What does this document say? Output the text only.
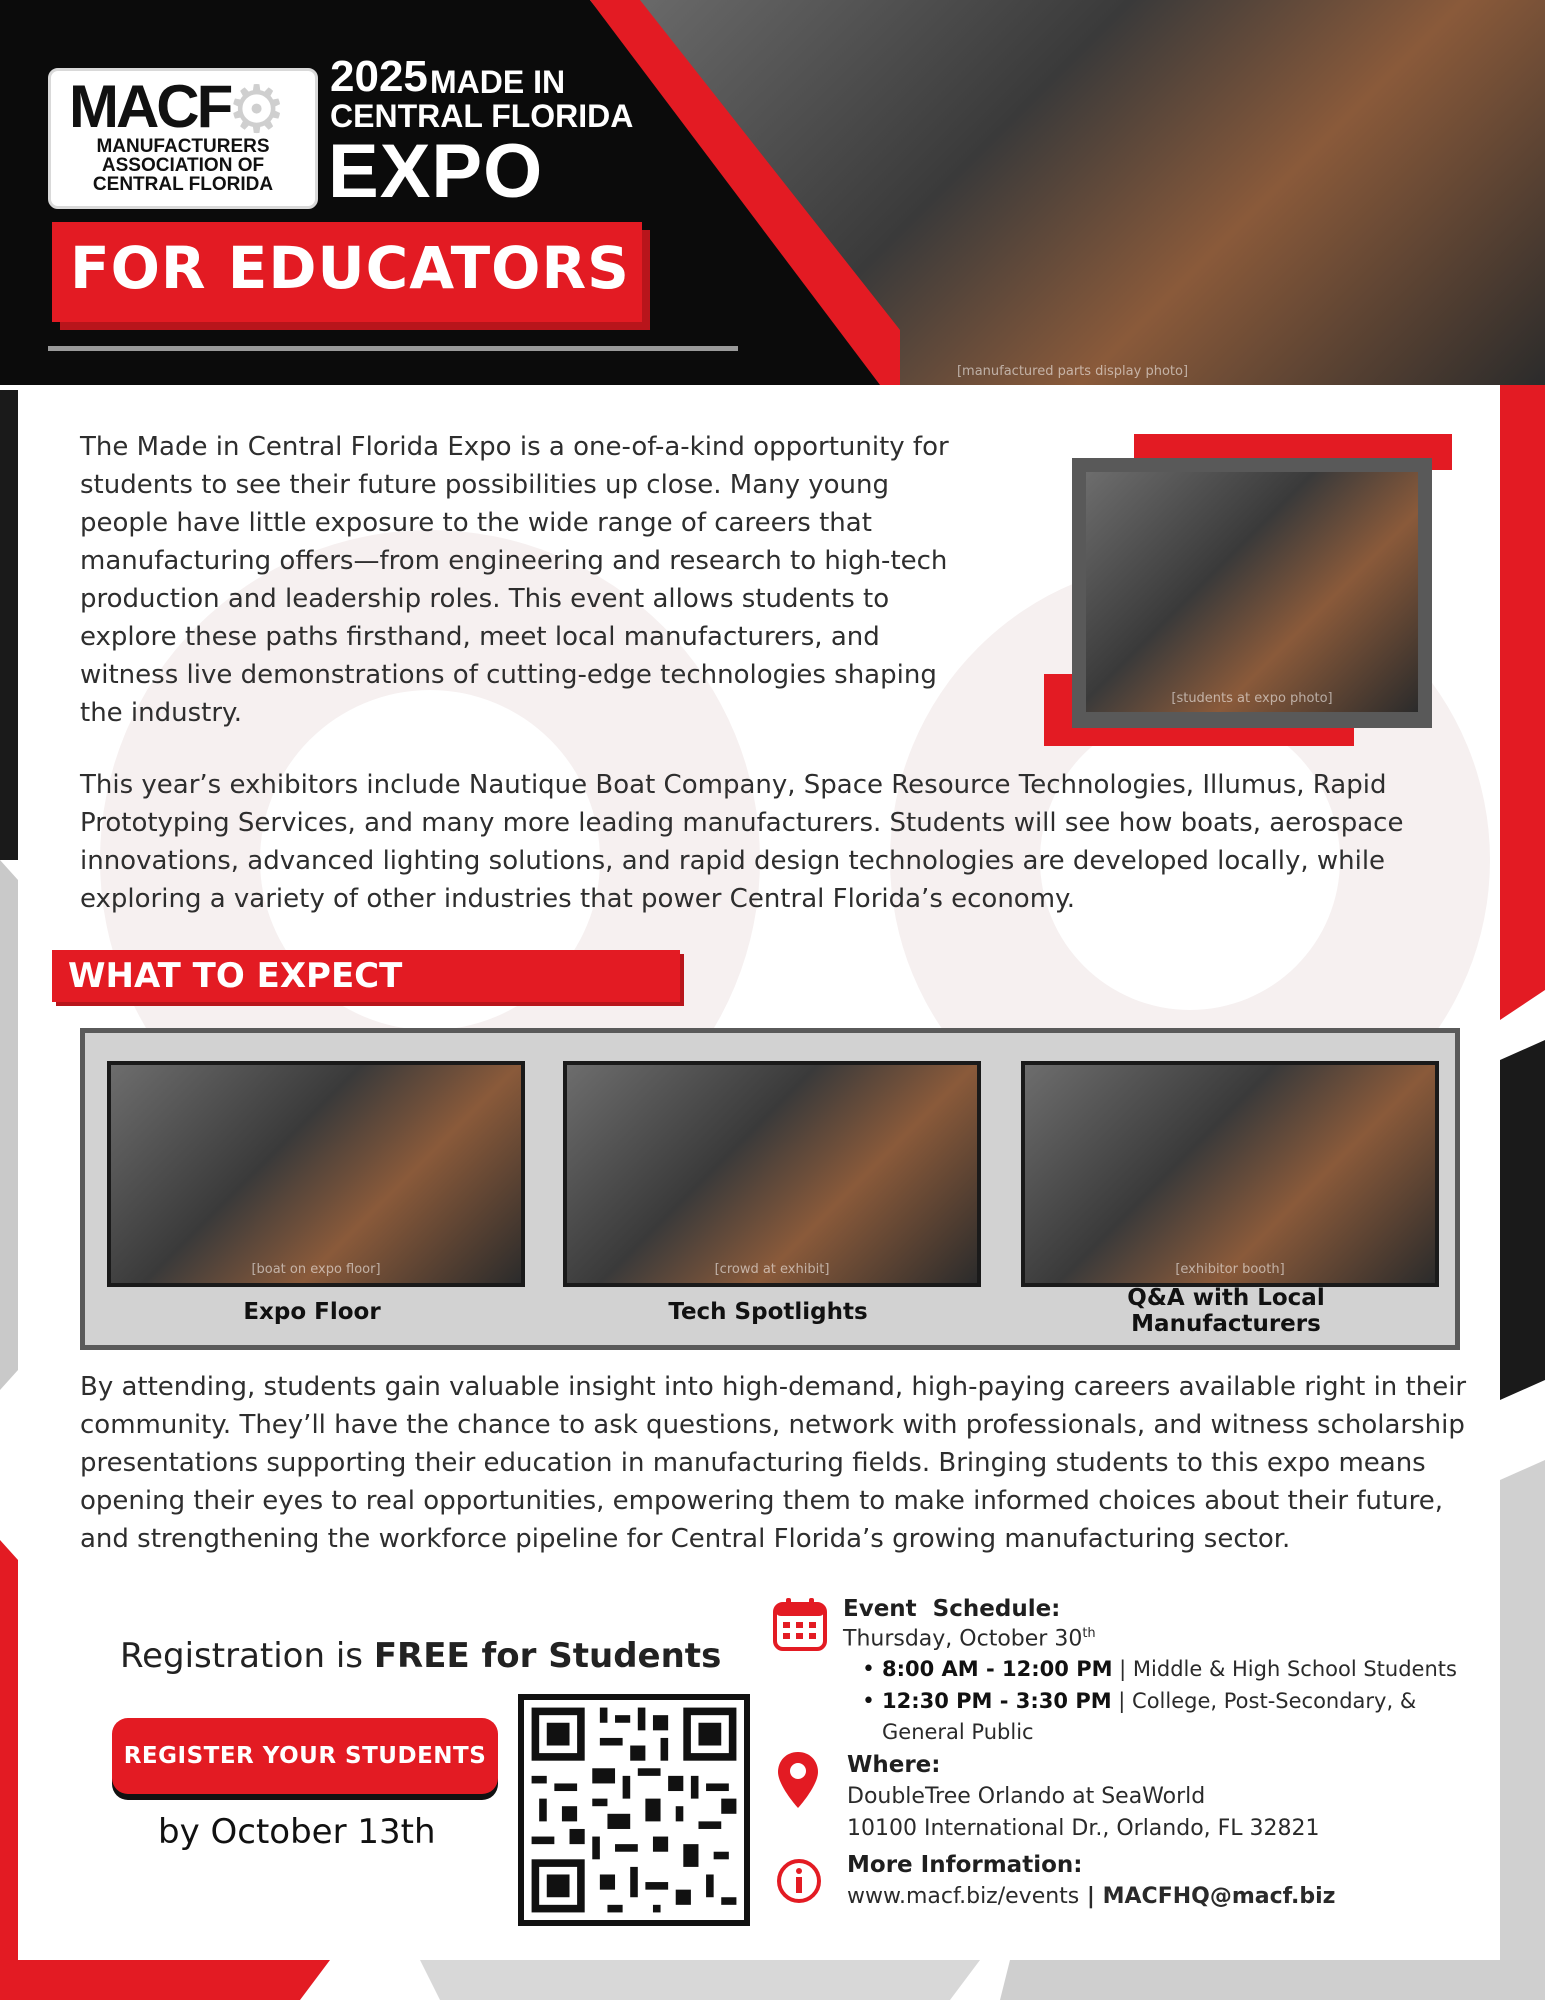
[manufactured parts display photo]
⚙
MACF
MANUFACTURERS
ASSOCIATION OF
CENTRAL FLORIDA
2025 MADE IN
CENTRAL FLORIDA
EXPO
FOR EDUCATORS
The Made in Central Florida Expo is a one-of-a-kind opportunity for students to see their future possibilities up close. Many young people have little exposure to the wide range of careers that manufacturing offers—from engineering and research to high-tech production and leadership roles. This event allows students to explore these paths firsthand, meet local manufacturers, and witness live demonstrations of cutting-edge technologies shaping the industry.	[students at expo photo]
This year’s exhibitors include Nautique Boat Company, Space Resource Technologies, Illumus, Rapid Prototyping Services, and many more leading manufacturers. Students will see how boats, aerospace innovations, advanced lighting solutions, and rapid design technologies are developed locally, while exploring a variety of other industries that power Central Florida’s economy.
WHAT TO EXPECT
[boat on expo floor]	[crowd at exhibit]	[exhibitor booth]
Expo Floor	Tech Spotlights
Q&A with Local Manufacturers
By attending, students gain valuable insight into high-demand, high-paying careers available right in their community. They’ll have the chance to ask questions, network with professionals, and witness scholarship presentations supporting their education in manufacturing fields. Bringing students to this expo means opening their eyes to real opportunities, empowering them to make informed choices about their future, and strengthening the workforce pipeline for Central Florida’s growing manufacturing sector.
Registration is FREE for Students
REGISTER YOUR STUDENTS
by October 13th
Event  Schedule:
Thursday, October 30th
• 8:00 AM - 12:00 PM | Middle & High School Students
• 12:30 PM - 3:30 PM | College, Post-Secondary, & General Public
Where:
DoubleTree Orlando at SeaWorld
10100 International Dr., Orlando, FL 32821
More Information:
www.macf.biz/events | MACFHQ@macf.biz
